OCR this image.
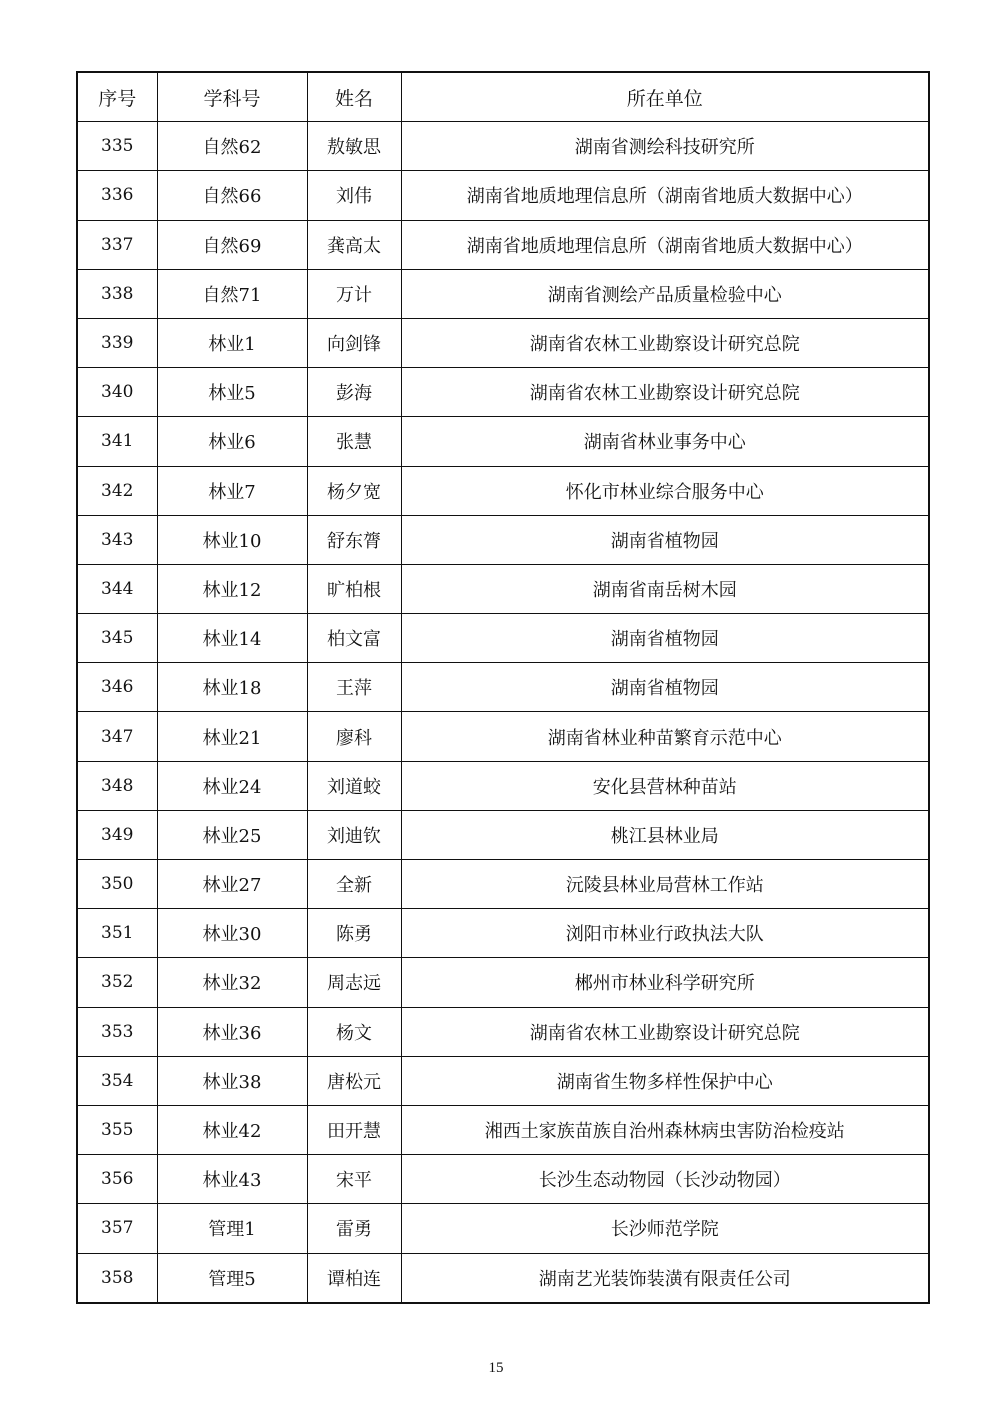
序号	学科号	姓名	所在单位
335	自然62	敖敏思	湖南省测绘科技研究所
336	自然66	刘伟	湖南省地质地理信息所（湖南省地质大数据中心）
337	自然69	龚高太	湖南省地质地理信息所（湖南省地质大数据中心）
338	自然71	万计	湖南省测绘产品质量检验中心
339	林业1	向剑锋	湖南省农林工业勘察设计研究总院
340	林业5	彭海	湖南省农林工业勘察设计研究总院
341	林业6	张慧	湖南省林业事务中心
342	林业7	杨夕宽	怀化市林业综合服务中心
343	林业10	舒东膂	湖南省植物园
344	林业12	旷柏根	湖南省南岳树木园
345	林业14	柏文富	湖南省植物园
346	林业18	王萍	湖南省植物园
347	林业21	廖科	湖南省林业种苗繁育示范中心
348	林业24	刘道蛟	安化县营林种苗站
349	林业25	刘迪钦	桃江县林业局
350	林业27	全新	沅陵县林业局营林工作站
351	林业30	陈勇	浏阳市林业行政执法大队
352	林业32	周志远	郴州市林业科学研究所
353	林业36	杨文	湖南省农林工业勘察设计研究总院
354	林业38	唐松元	湖南省生物多样性保护中心
355	林业42	田开慧	湘西土家族苗族自治州森林病虫害防治检疫站
356	林业43	宋平	长沙生态动物园（长沙动物园）
357	管理1	雷勇	长沙师范学院
358	管理5	谭柏连	湖南艺光装饰装潢有限责任公司
15
